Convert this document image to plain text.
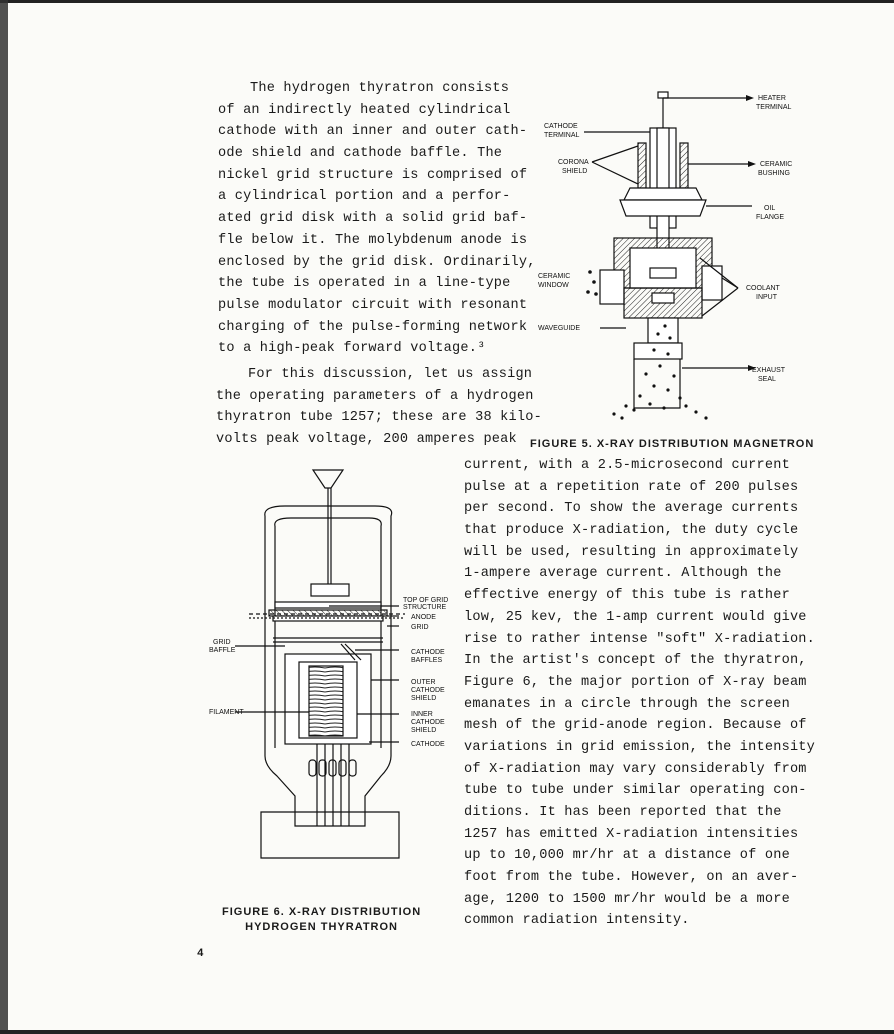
The hydrogen thyratron consists
of an indirectly heated cylindrical
cathode with an inner and outer cath-
ode shield and cathode baffle. The
nickel grid structure is comprised of
a cylindrical portion and a perfor-
ated grid disk with a solid grid baf-
fle below it. The molybdenum anode is
enclosed by the grid disk. Ordinarily,
the tube is operated in a line-type
pulse modulator circuit with resonant
charging of the pulse-forming network
to a high-peak forward voltage.³
For this discussion, let us assign
the operating parameters of a hydrogen
thyratron tube 1257; these are 38 kilo-
volts peak voltage, 200 amperes peak
current, with a 2.5-microsecond current
pulse at a repetition rate of 200 pulses
per second. To show the average currents
that produce X-radiation, the duty cycle
will be used, resulting in approximately
1-ampere average current. Although the
effective energy of this tube is rather
low, 25 kev, the 1-amp current would give
rise to rather intense "soft" X-radiation.
In the artist's concept of the thyratron,
Figure 6, the major portion of X-ray beam
emanates in a circle through the screen
mesh of the grid-anode region. Because of
variations in grid emission, the intensity
of X-radiation may vary considerably from
tube to tube under similar operating con-
ditions. It has been reported that the
1257 has emitted X-radiation intensities
up to 10,000 mr/hr at a distance of one
foot from the tube. However, on an aver-
age, 1200 to 1500 mr/hr would be a more
common radiation intensity.
HEATER TERMINAL
CATHODE TERMINAL
CORONA SHIELD
CERAMIC BUSHING
OIL FLANGE
CERAMIC WINDOW	COOLANT INPUT
WAVEGUIDE
EXHAUST SEAL
FIGURE 5. X-RAY DISTRIBUTION MAGNETRON
TOP OF GRID STRUCTURE
ANODE
GRID
GRID BAFFLE	CATHODE BAFFLES
OUTER CATHODE SHIELD
FILAMENT	INNER CATHODE SHIELD
CATHODE
FIGURE 6. X-RAY DISTRIBUTION
HYDROGEN THYRATRON
4
